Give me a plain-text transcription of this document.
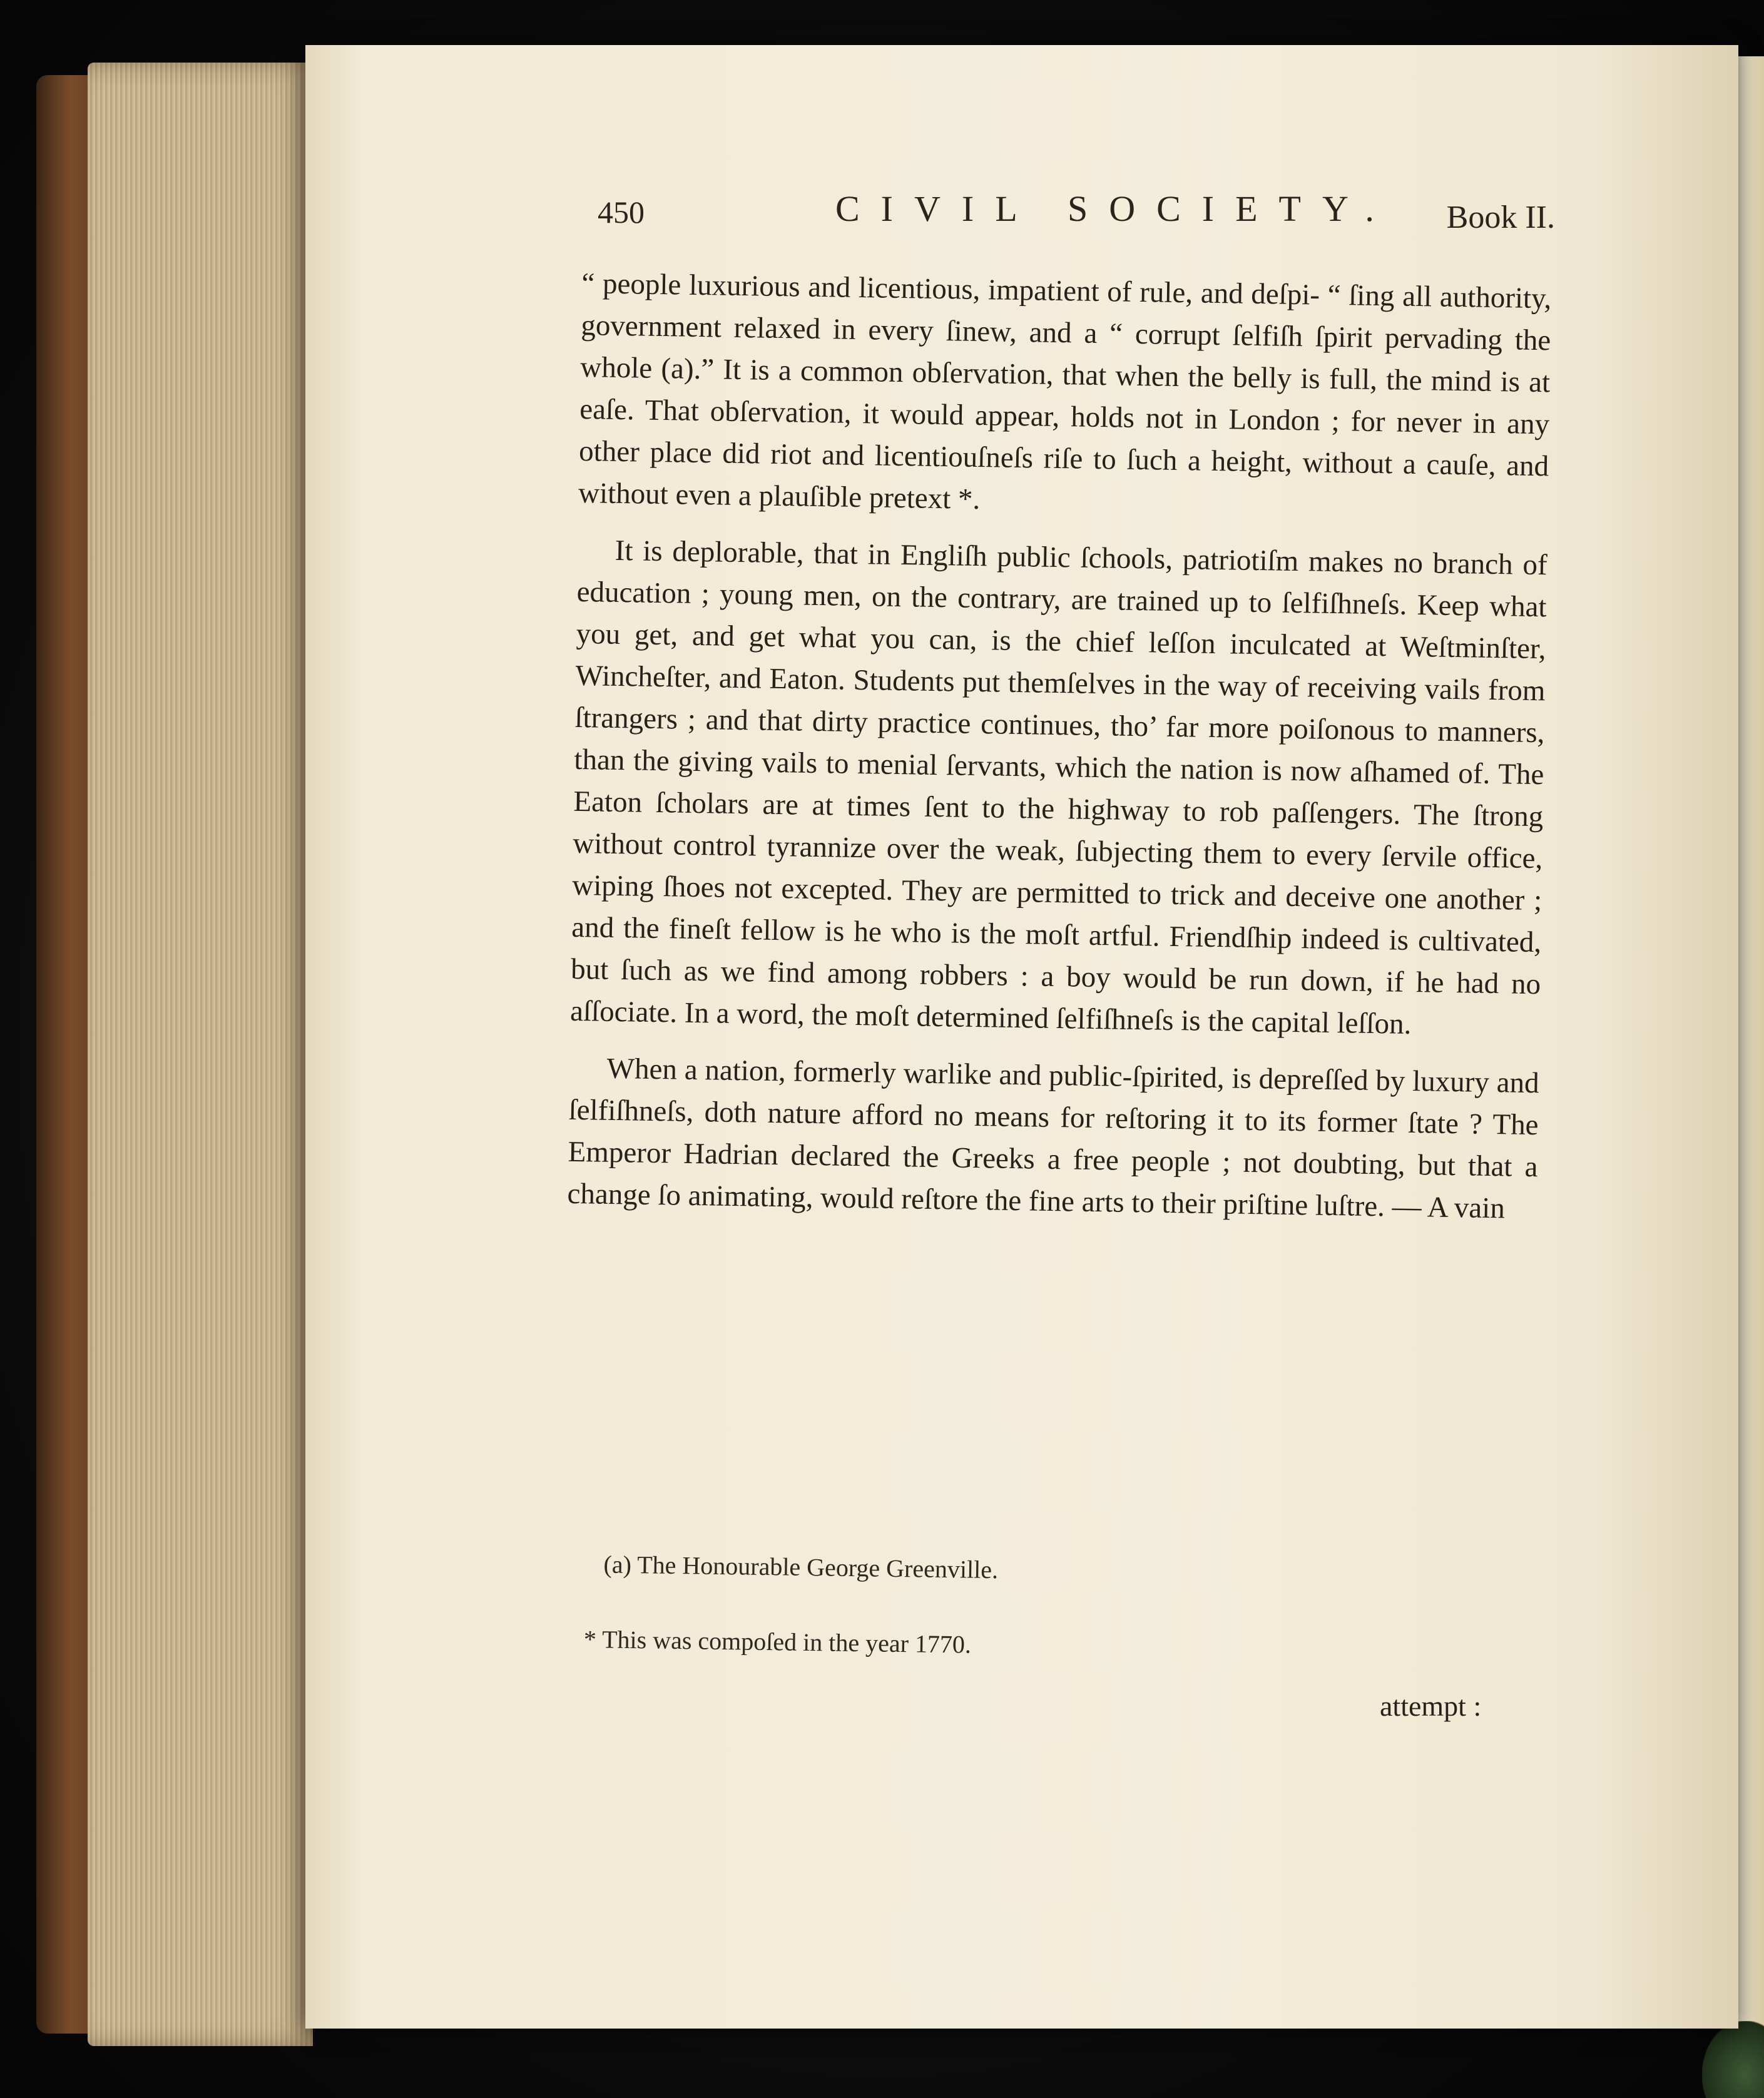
450	CIVIL SOCIETY. Book II.

“ people luxurious and licentious, impatient of rule, and deſpi- “ ſing all authority, government relaxed in every ſinew, and a “ corrupt ſelfiſh ſpirit pervading the whole (a).” It is a common obſervation, that when the belly is full, the mind is at eaſe. That obſervation, it would appear, holds not in London ; for never in any other place did riot and licentiouſneſs riſe to ſuch a height, without a cauſe, and without even a plauſible pretext *.

It is deplorable, that in Engliſh public ſchools, patriotiſm makes no branch of education ; young men, on the contrary, are trained up to ſelfiſhneſs. Keep what you get, and get what you can, is the chief leſſon inculcated at Weſtminſter, Wincheſter, and Eaton. Students put themſelves in the way of receiving vails from ſtrangers ; and that dirty practice continues, tho’ far more poiſonous to manners, than the giving vails to menial ſervants, which the nation is now aſhamed of. The Eaton ſcholars are at times ſent to the highway to rob paſſengers. The ſtrong without control tyrannize over the weak, ſubjecting them to every ſervile office, wiping ſhoes not excepted. They are permitted to trick and deceive one another ; and the fineſt fellow is he who is the moſt artful. Friendſhip indeed is cultivated, but ſuch as we find among robbers : a boy would be run down, if he had no aſſociate. In a word, the moſt determined ſelfiſhneſs is the capital leſſon.

When a nation, formerly warlike and public-ſpirited, is depreſſed by luxury and ſelfiſhneſs, doth nature afford no means for reſtoring it to its former ſtate ? The Emperor Hadrian declared the Greeks a free people ; not doubting, but that a change ſo animating, would reſtore the fine arts to their priſtine luſtre. — A vain

(a) The Honourable George Greenville.
* This was compoſed in the year 1770.
attempt :
